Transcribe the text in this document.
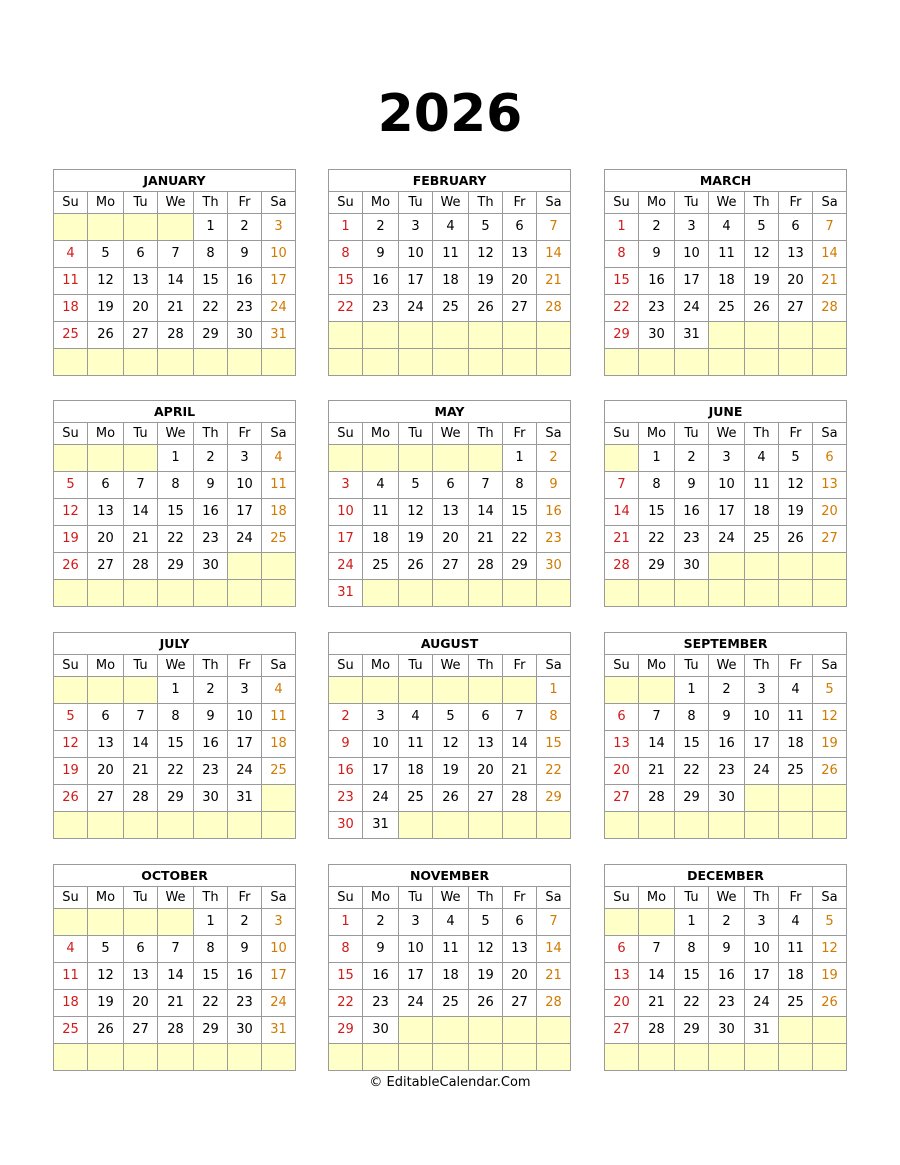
2026
JANUARY						
Su	Mo	Tu	We	Th	Fr	Sa
				1	2	3
4	5	6	7	8	9	10
11	12	13	14	15	16	17
18	19	20	21	22	23	24
25	26	27	28	29	30	31

FEBRUARY						
Su	Mo	Tu	We	Th	Fr	Sa
1	2	3	4	5	6	7
8	9	10	11	12	13	14
15	16	17	18	19	20	21
22	23	24	25	26	27	28

MARCH						
Su	Mo	Tu	We	Th	Fr	Sa
1	2	3	4	5	6	7
8	9	10	11	12	13	14
15	16	17	18	19	20	21
22	23	24	25	26	27	28
29	30	31				

APRIL						
Su	Mo	Tu	We	Th	Fr	Sa
			1	2	3	4
5	6	7	8	9	10	11
12	13	14	15	16	17	18
19	20	21	22	23	24	25
26	27	28	29	30		

MAY						
Su	Mo	Tu	We	Th	Fr	Sa
					1	2
3	4	5	6	7	8	9
10	11	12	13	14	15	16
17	18	19	20	21	22	23
24	25	26	27	28	29	30
31						
JUNE						
Su	Mo	Tu	We	Th	Fr	Sa
	1	2	3	4	5	6
7	8	9	10	11	12	13
14	15	16	17	18	19	20
21	22	23	24	25	26	27
28	29	30				

JULY						
Su	Mo	Tu	We	Th	Fr	Sa
			1	2	3	4
5	6	7	8	9	10	11
12	13	14	15	16	17	18
19	20	21	22	23	24	25
26	27	28	29	30	31	

AUGUST						
Su	Mo	Tu	We	Th	Fr	Sa
						1
2	3	4	5	6	7	8
9	10	11	12	13	14	15
16	17	18	19	20	21	22
23	24	25	26	27	28	29
30	31					
SEPTEMBER						
Su	Mo	Tu	We	Th	Fr	Sa
		1	2	3	4	5
6	7	8	9	10	11	12
13	14	15	16	17	18	19
20	21	22	23	24	25	26
27	28	29	30			

OCTOBER						
Su	Mo	Tu	We	Th	Fr	Sa
				1	2	3
4	5	6	7	8	9	10
11	12	13	14	15	16	17
18	19	20	21	22	23	24
25	26	27	28	29	30	31

NOVEMBER						
Su	Mo	Tu	We	Th	Fr	Sa
1	2	3	4	5	6	7
8	9	10	11	12	13	14
15	16	17	18	19	20	21
22	23	24	25	26	27	28
29	30					

DECEMBER						
Su	Mo	Tu	We	Th	Fr	Sa
		1	2	3	4	5
6	7	8	9	10	11	12
13	14	15	16	17	18	19
20	21	22	23	24	25	26
27	28	29	30	31		

© EditableCalendar.Com
